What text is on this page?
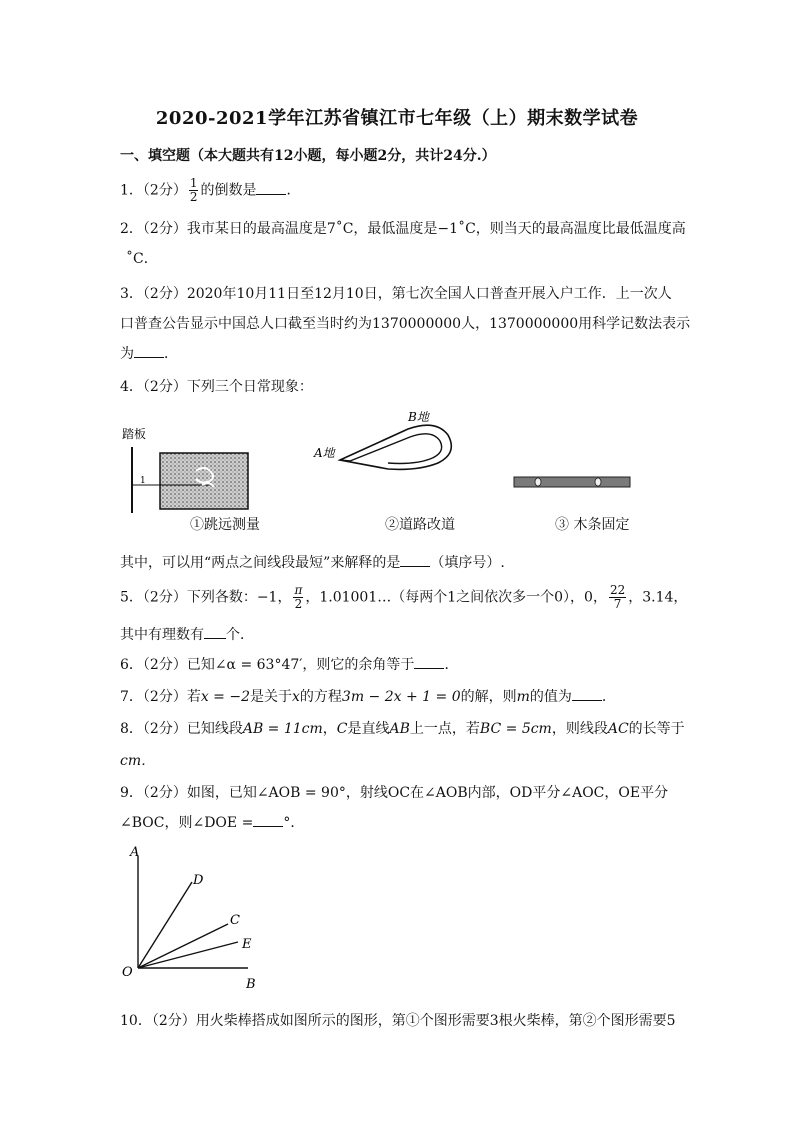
2020-2021学年江苏省镇江市七年级（上）期末数学试卷
一、填空题（本大题共有12小题，每小题2分，共计24分.）
1．（2分） $\frac{1}{2}$ 的倒数是 ．
2．（2分）我市某日的最高温度是7˚C，最低温度是−1˚C，则当天的最高温度比最低温度高
˚C．
3．（2分）2020年10月11日至12月10日，第七次全国人口普查开展入户工作．上一次人
口普查公告显示中国总人口截至当时约为1370000000人，1370000000用科学记数法表示
为 ．
4．（2分）下列三个日常现象：
踏板
1
B地
A地
①跳远测量	②道路改道	③ 木条固定
其中，可以用“两点之间线段最短”来解释的是 （填序号）.
5．（2分）下列各数：−1， $\frac{\pi}{2}$ ，1.01001…（每两个1之间依次多一个0），0， $\frac{22}{7}$ ，3.14，
其中有理数有 个．
6．（2分）已知∠α = 63°47′，则它的余角等于 ．
7．（2分）若x = −2是关于x的方程3m − 2x + 1 = 0的解，则m的值为 ．
8．（2分）已知线段AB = 11cm，C是直线AB上一点，若BC = 5cm，则线段AC的长等于
cm．
9．（2分）如图，已知∠AOB = 90°，射线OC在∠AOB内部，OD平分∠AOC，OE平分
∠BOC，则∠DOE = °．
A
D
C
E
O
B
10．（2分）用火柴棒搭成如图所示的图形，第①个图形需要3根火柴棒，第②个图形需要5
